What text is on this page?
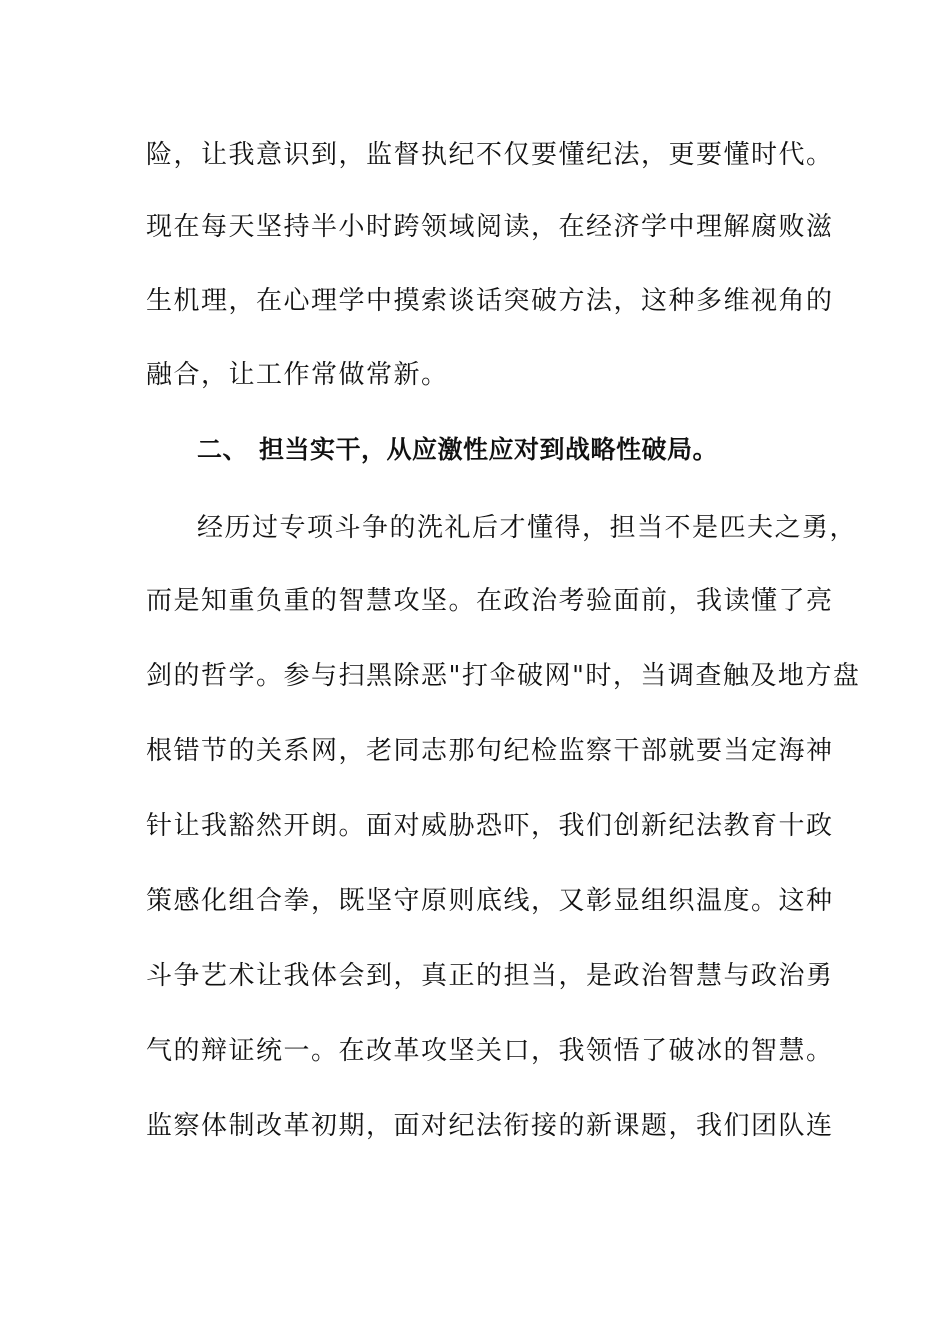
险，让我意识到，监督执纪不仅要懂纪法，更要懂时代。
现在每天坚持半小时跨领域阅读，在经济学中理解腐败滋
生机理，在心理学中摸索谈话突破方法，这种多维视角的
融合，让工作常做常新。
二、 担当实干，从应激性应对到战略性破局。
经历过专项斗争的洗礼后才懂得，担当不是匹夫之勇，
而是知重负重的智慧攻坚。在政治考验面前，我读懂了亮
剑的哲学。参与扫黑除恶"打伞破网"时，当调查触及地方盘
根错节的关系网，老同志那句纪检监察干部就要当定海神
针让我豁然开朗。面对威胁恐吓，我们创新纪法教育十政
策感化组合拳，既坚守原则底线，又彰显组织温度。这种
斗争艺术让我体会到，真正的担当，是政治智慧与政治勇
气的辩证统一。在改革攻坚关口，我领悟了破冰的智慧。
监察体制改革初期，面对纪法衔接的新课题，我们团队连
